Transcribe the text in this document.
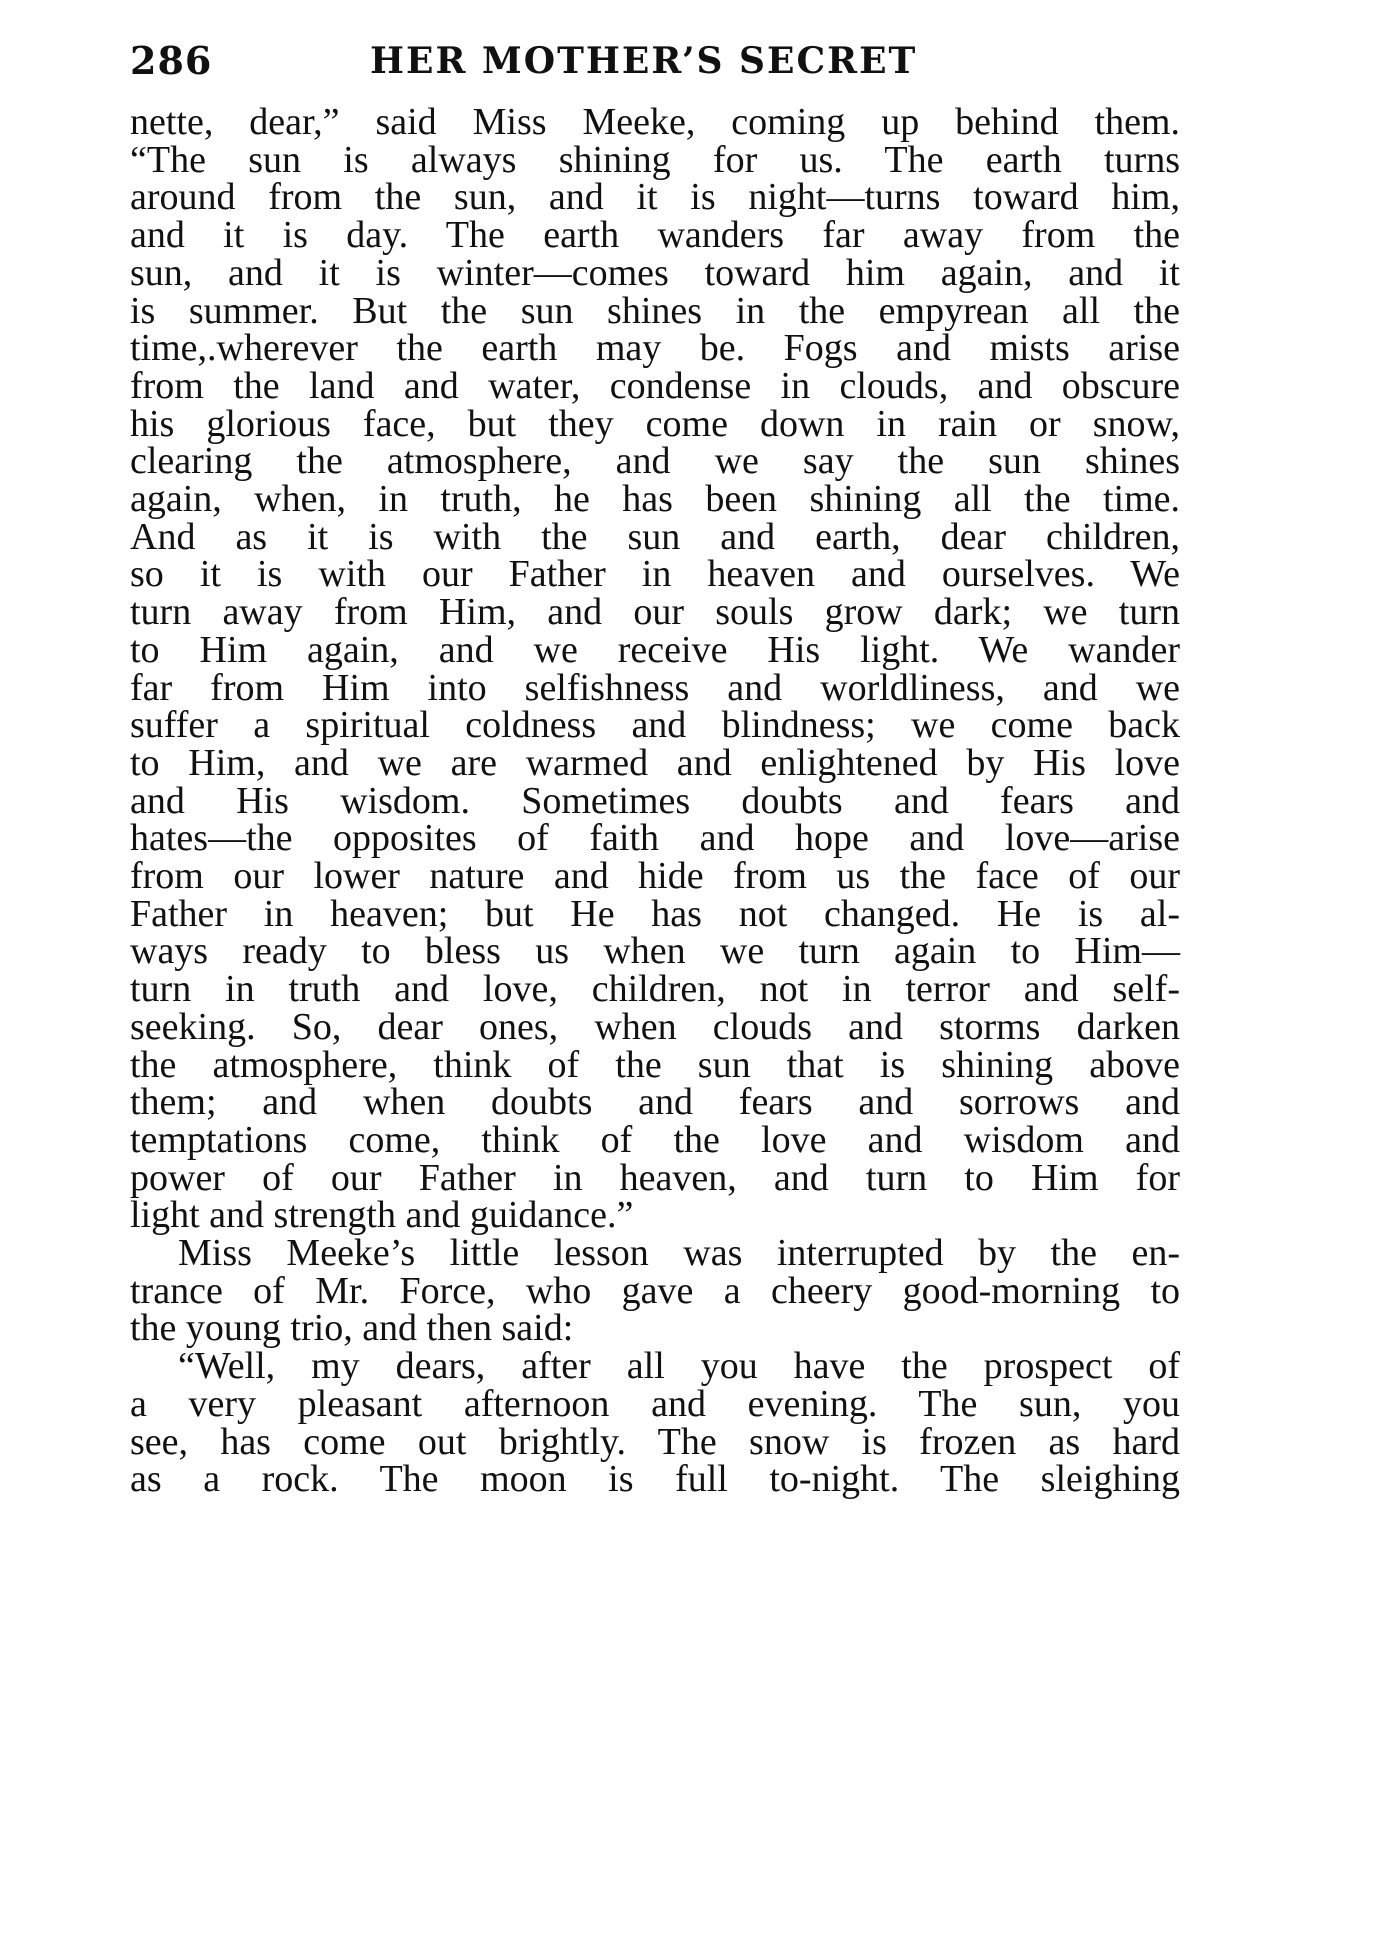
286	HER MOTHER’S SECRET
nette, dear,” said Miss Meeke, coming up behind them.
“The sun is always shining for us. The earth turns
around from the sun, and it is night—turns toward him,
and it is day. The earth wanders far away from the
sun, and it is winter—comes toward him again, and it
is summer. But the sun shines in the empyrean all the
time,.wherever the earth may be. Fogs and mists arise
from the land and water, condense in clouds, and obscure
his glorious face, but they come down in rain or snow,
clearing the atmosphere, and we say the sun shines
again, when, in truth, he has been shining all the time.
And as it is with the sun and earth, dear children,
so it is with our Father in heaven and ourselves. We
turn away from Him, and our souls grow dark; we turn
to Him again, and we receive His light. We wander
far from Him into selfishness and worldliness, and we
suffer a spiritual coldness and blindness; we come back
to Him, and we are warmed and enlightened by His love
and His wisdom. Sometimes doubts and fears and
hates—the opposites of faith and hope and love—arise
from our lower nature and hide from us the face of our
Father in heaven; but He has not changed. He is al-
ways ready to bless us when we turn again to Him—
turn in truth and love, children, not in terror and self-
seeking. So, dear ones, when clouds and storms darken
the atmosphere, think of the sun that is shining above
them; and when doubts and fears and sorrows and
temptations come, think of the love and wisdom and
power of our Father in heaven, and turn to Him for
light and strength and guidance.”
Miss Meeke’s little lesson was interrupted by the en-
trance of Mr. Force, who gave a cheery good-morning to
the young trio, and then said:
“Well, my dears, after all you have the prospect of
a very pleasant afternoon and evening. The sun, you
see, has come out brightly. The snow is frozen as hard
as a rock. The moon is full to-night. The sleighing
